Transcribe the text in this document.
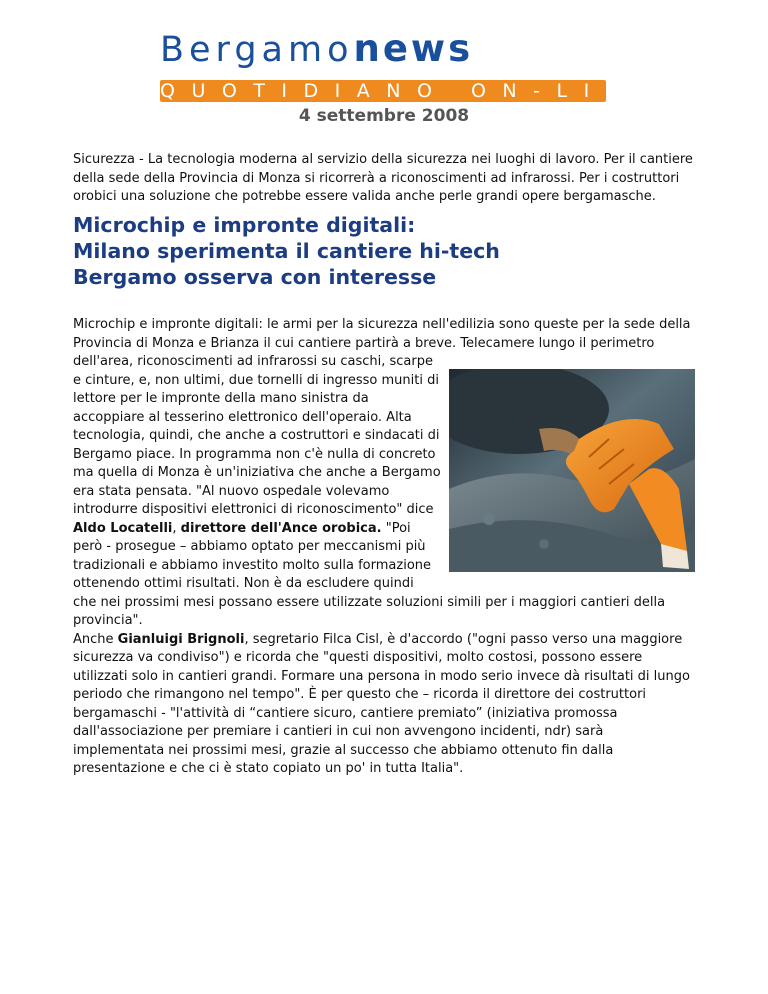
Bergamonews
QUOTIDIANO ON-LINE
4 settembre 2008
Sicurezza - La tecnologia moderna al servizio della sicurezza nei luoghi di lavoro. Per il cantiere della sede della Provincia di Monza si ricorrerà a riconoscimenti ad infrarossi. Per i costruttori orobici una soluzione che potrebbe essere valida anche perle grandi opere bergamasche.
Microchip e impronte digitali:
Milano sperimenta il cantiere hi-tech
Bergamo osserva con interesse
Microchip e impronte digitali: le armi per la sicurezza nell'edilizia sono queste per la sede della Provincia di Monza e Brianza il cui cantiere partirà a breve. Telecamere lungo il perimetro dell'area, riconoscimenti ad infrarossi su caschi, scarpe e cinture, e, non ultimi, due tornelli di ingresso muniti di lettore per le impronte della mano sinistra da accoppiare al tesserino elettronico dell'operaio. Alta tecnologia, quindi, che anche a costruttori e sindacati di Bergamo piace. In programma non c'è nulla di concreto ma quella di Monza è un'iniziativa che anche a Bergamo era stata pensata. "Al nuovo ospedale volevamo introdurre dispositivi elettronici di riconoscimento" dice Aldo Locatelli, direttore dell'Ance orobica. "Poi però - prosegue – abbiamo optato per meccanismi più tradizionali e abbiamo investito molto sulla formazione ottenendo ottimi risultati. Non è da escludere quindi che nei prossimi mesi possano essere utilizzate soluzioni simili per i maggiori cantieri della provincia".

Anche Gianluigi Brignoli, segretario Filca Cisl, è d'accordo ("ogni passo verso una maggiore sicurezza va condiviso") e ricorda che "questi dispositivi, molto costosi, possono essere utilizzati solo in cantieri grandi. Formare una persona in modo serio invece dà risultati di lungo periodo che rimangono nel tempo". È per questo che – ricorda il direttore dei costruttori bergamaschi - "l'attività di “cantiere sicuro, cantiere premiato” (iniziativa promossa dall'associazione per premiare i cantieri in cui non avvengono incidenti, ndr) sarà implementata nei prossimi mesi, grazie al successo che abbiamo ottenuto fin dalla presentazione e che ci è stato copiato un po' in tutta Italia".
